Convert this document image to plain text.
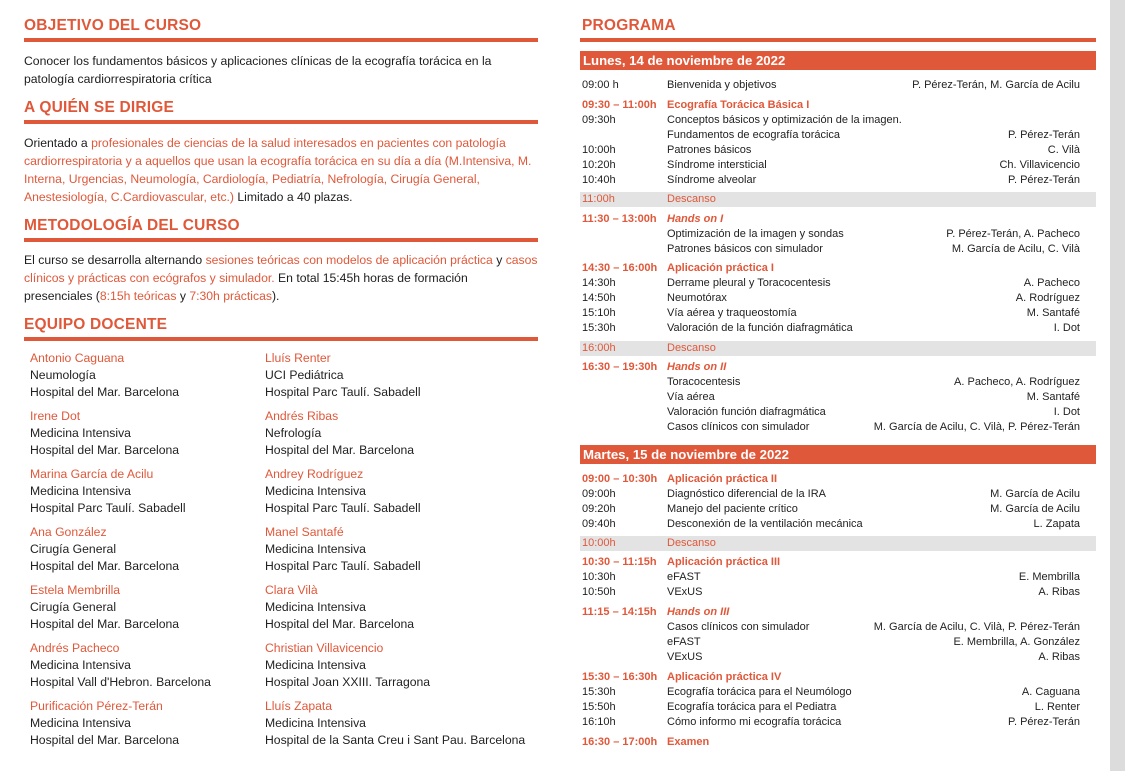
OBJETIVO DEL CURSO
Conocer los fundamentos básicos y aplicaciones clínicas de la ecografía torácica en la patología cardiorrespiratoria crítica
A QUIÉN SE DIRIGE
Orientado a profesionales de ciencias de la salud interesados en pacientes con patología cardiorrespiratoria y a aquellos que usan la ecografía torácica en su día a día (M.Intensiva, M. Interna, Urgencias, Neumología, Cardiología, Pediatría, Nefrología, Cirugía General, Anestesiología, C.Cardiovascular, etc.) Limitado a 40 plazas.
METODOLOGÍA DEL CURSO
El curso se desarrolla alternando sesiones teóricas con modelos de aplicación práctica y casos clínicos y prácticas con ecógrafos y simulador. En total 15:45h horas de formación presenciales (8:15h teóricas y 7:30h prácticas).
EQUIPO DOCENTE
Antonio Caguana
Neumología
Hospital del Mar. Barcelona
Irene Dot
Medicina Intensiva
Hospital del Mar. Barcelona
Marina García de Acilu
Medicina Intensiva
Hospital Parc Taulí. Sabadell
Ana González
Cirugía General
Hospital del Mar. Barcelona
Estela Membrilla
Cirugía General
Hospital del Mar. Barcelona
Andrés Pacheco
Medicina Intensiva
Hospital Vall d'Hebron. Barcelona
Purificación Pérez-Terán
Medicina Intensiva
Hospital del Mar. Barcelona
Lluís Renter
UCI Pediátrica
Hospital Parc Taulí. Sabadell
Andrés Ribas
Nefrología
Hospital del Mar. Barcelona
Andrey Rodríguez
Medicina Intensiva
Hospital Parc Taulí. Sabadell
Manel Santafé
Medicina Intensiva
Hospital Parc Taulí. Sabadell
Clara Vilà
Medicina Intensiva
Hospital del Mar. Barcelona
Christian Villavicencio
Medicina Intensiva
Hospital Joan XXIII. Tarragona
Lluís Zapata
Medicina Intensiva
Hospital de la Santa Creu i Sant Pau. Barcelona
PROGRAMA
Lunes, 14 de noviembre de 2022
09:00 h	Bienvenida y objetivos	P. Pérez-Terán, M. García de Acilu
09:30 – 11:00h Ecografía Torácica Básica I
09:30h	Conceptos básicos y optimización de la imagen.
Fundamentos de ecografía torácica	P. Pérez-Terán
10:00h	Patrones básicos	C. Vilà
10:20h	Síndrome intersticial	Ch. Villavicencio
10:40h	Síndrome alveolar	P. Pérez-Terán
11:00h	Descanso
11:30 – 13:00h Hands on I
Optimización de la imagen y sondas	P. Pérez-Terán, A. Pacheco
Patrones básicos con simulador	M. García de Acilu, C. Vilà
14:30 – 16:00h Aplicación práctica I
14:30h	Derrame pleural y Toracocentesis	A. Pacheco
14:50h	Neumotórax	A. Rodríguez
15:10h	Vía aérea y traqueostomía	M. Santafé
15:30h	Valoración de la función diafragmática	I. Dot
16:00h	Descanso
16:30 – 19:30h Hands on II
Toracocentesis	A. Pacheco, A. Rodríguez
Vía aérea	M. Santafé
Valoración función diafragmática	I. Dot
Casos clínicos con simulador	M. García de Acilu, C. Vilà, P. Pérez-Terán
Martes, 15 de noviembre de 2022
09:00 – 10:30h Aplicación práctica II
09:00h	Diagnóstico diferencial de la IRA	M. García de Acilu
09:20h	Manejo del paciente crítico	M. García de Acilu
09:40h	Desconexión de la ventilación mecánica	L. Zapata
10:00h	Descanso
10:30 – 11:15h Aplicación práctica III
10:30h	eFAST	E. Membrilla
10:50h	VExUS	A. Ribas
11:15 – 14:15h Hands on III
Casos clínicos con simulador	M. García de Acilu, C. Vilà, P. Pérez-Terán
eFAST	E. Membrilla, A. González
VExUS	A. Ribas
15:30 – 16:30h Aplicación práctica IV
15:30h	Ecografía torácica para el Neumólogo	A. Caguana
15:50h	Ecografía torácica para el Pediatra	L. Renter
16:10h	Cómo informo mi ecografía torácica	P. Pérez-Terán
16:30 – 17:00h Examen
